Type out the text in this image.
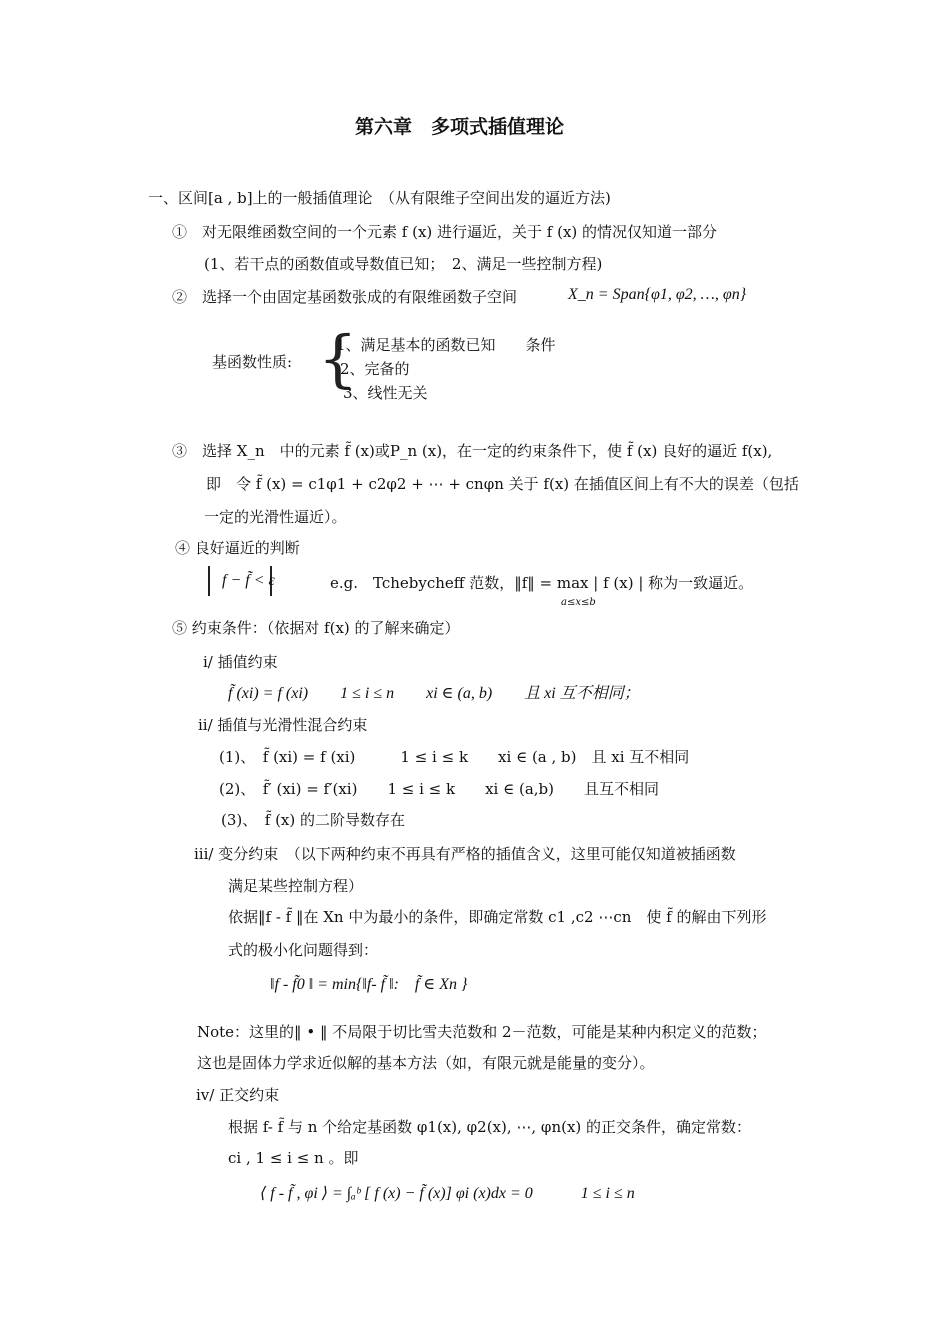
第六章　多项式插值理论
一、区间[a , b]上的一般插值理论　（从有限维子空间出发的逼近方法)
①　对无限维函数空间的一个元素 f (x) 进行逼近，关于 f (x) 的情况仅知道一部分
(1、若干点的函数值或导数值已知；　2、满足一些控制方程)
②　选择一个由固定基函数张成的有限维函数子空间	X_n = Span{φ1, φ2, …, φn}
基函数性质: {
1、满足基本的函数已知　　条件
2、完备的
3、线性无关
③　选择 X_n　中的元素 f̃ (x)或P_n (x)，在一定的约束条件下，使 f̃ (x) 良好的逼近 f(x),
即　令 f̃ (x) = c1φ1 + c2φ2 + ⋯ + cnφn 关于 f(x) 在插值区间上有不大的误差（包括
一定的光滑性逼近）。
④ 良好逼近的判断
f − f̃ < ε	e.g.　Tchebycheff 范数，‖f‖ = max | f (x) | 称为一致逼近。
a≤x≤b
⑤ 约束条件：（依据对 f(x) 的了解来确定）
i/ 插值约束
f̃ (xi) = f (xi)　　1 ≤ i ≤ n　　xi ∈ (a, b)　　且 xi 互不相同；
ii/ 插值与光滑性混合约束
(1)、　f̃ (xi) = f (xi)　　　1 ≤ i ≤ k　　xi ∈ (a , b)　且 xi 互不相同
(2)、　f̃′ (xi) = f′(xi)　　1 ≤ i ≤ k　　xi ∈ (a,b)　　且互不相同
(3)、　f̃ (x) 的二阶导数存在
iii/ 变分约束　（以下两种约束不再具有严格的插值含义，这里可能仅知道被插函数
满足某些控制方程）
依据‖f - f̃ ‖在 Xn 中为最小的条件，即确定常数 c1 ,c2 ⋯cn　使 f̃ 的解由下列形
式的极小化问题得到：
‖f - f̃0 ‖ = min{‖f- f̃ ‖:　f̃ ∈ Xn }
Note：这里的‖ • ‖ 不局限于切比雪夫范数和 2－范数，可能是某种内积定义的范数；
这也是固体力学求近似解的基本方法（如，有限元就是能量的变分）。
iv/ 正交约束
根据 f- f̃ 与 n 个给定基函数 φ1(x), φ2(x), ⋯, φn(x) 的正交条件，确定常数：
ci , 1 ≤ i ≤ n 。即
⟨ f - f̃ , φi ⟩ = ∫ₐᵇ [ f (x) − f̃ (x)] φi (x)dx = 0　　　1 ≤ i ≤ n
